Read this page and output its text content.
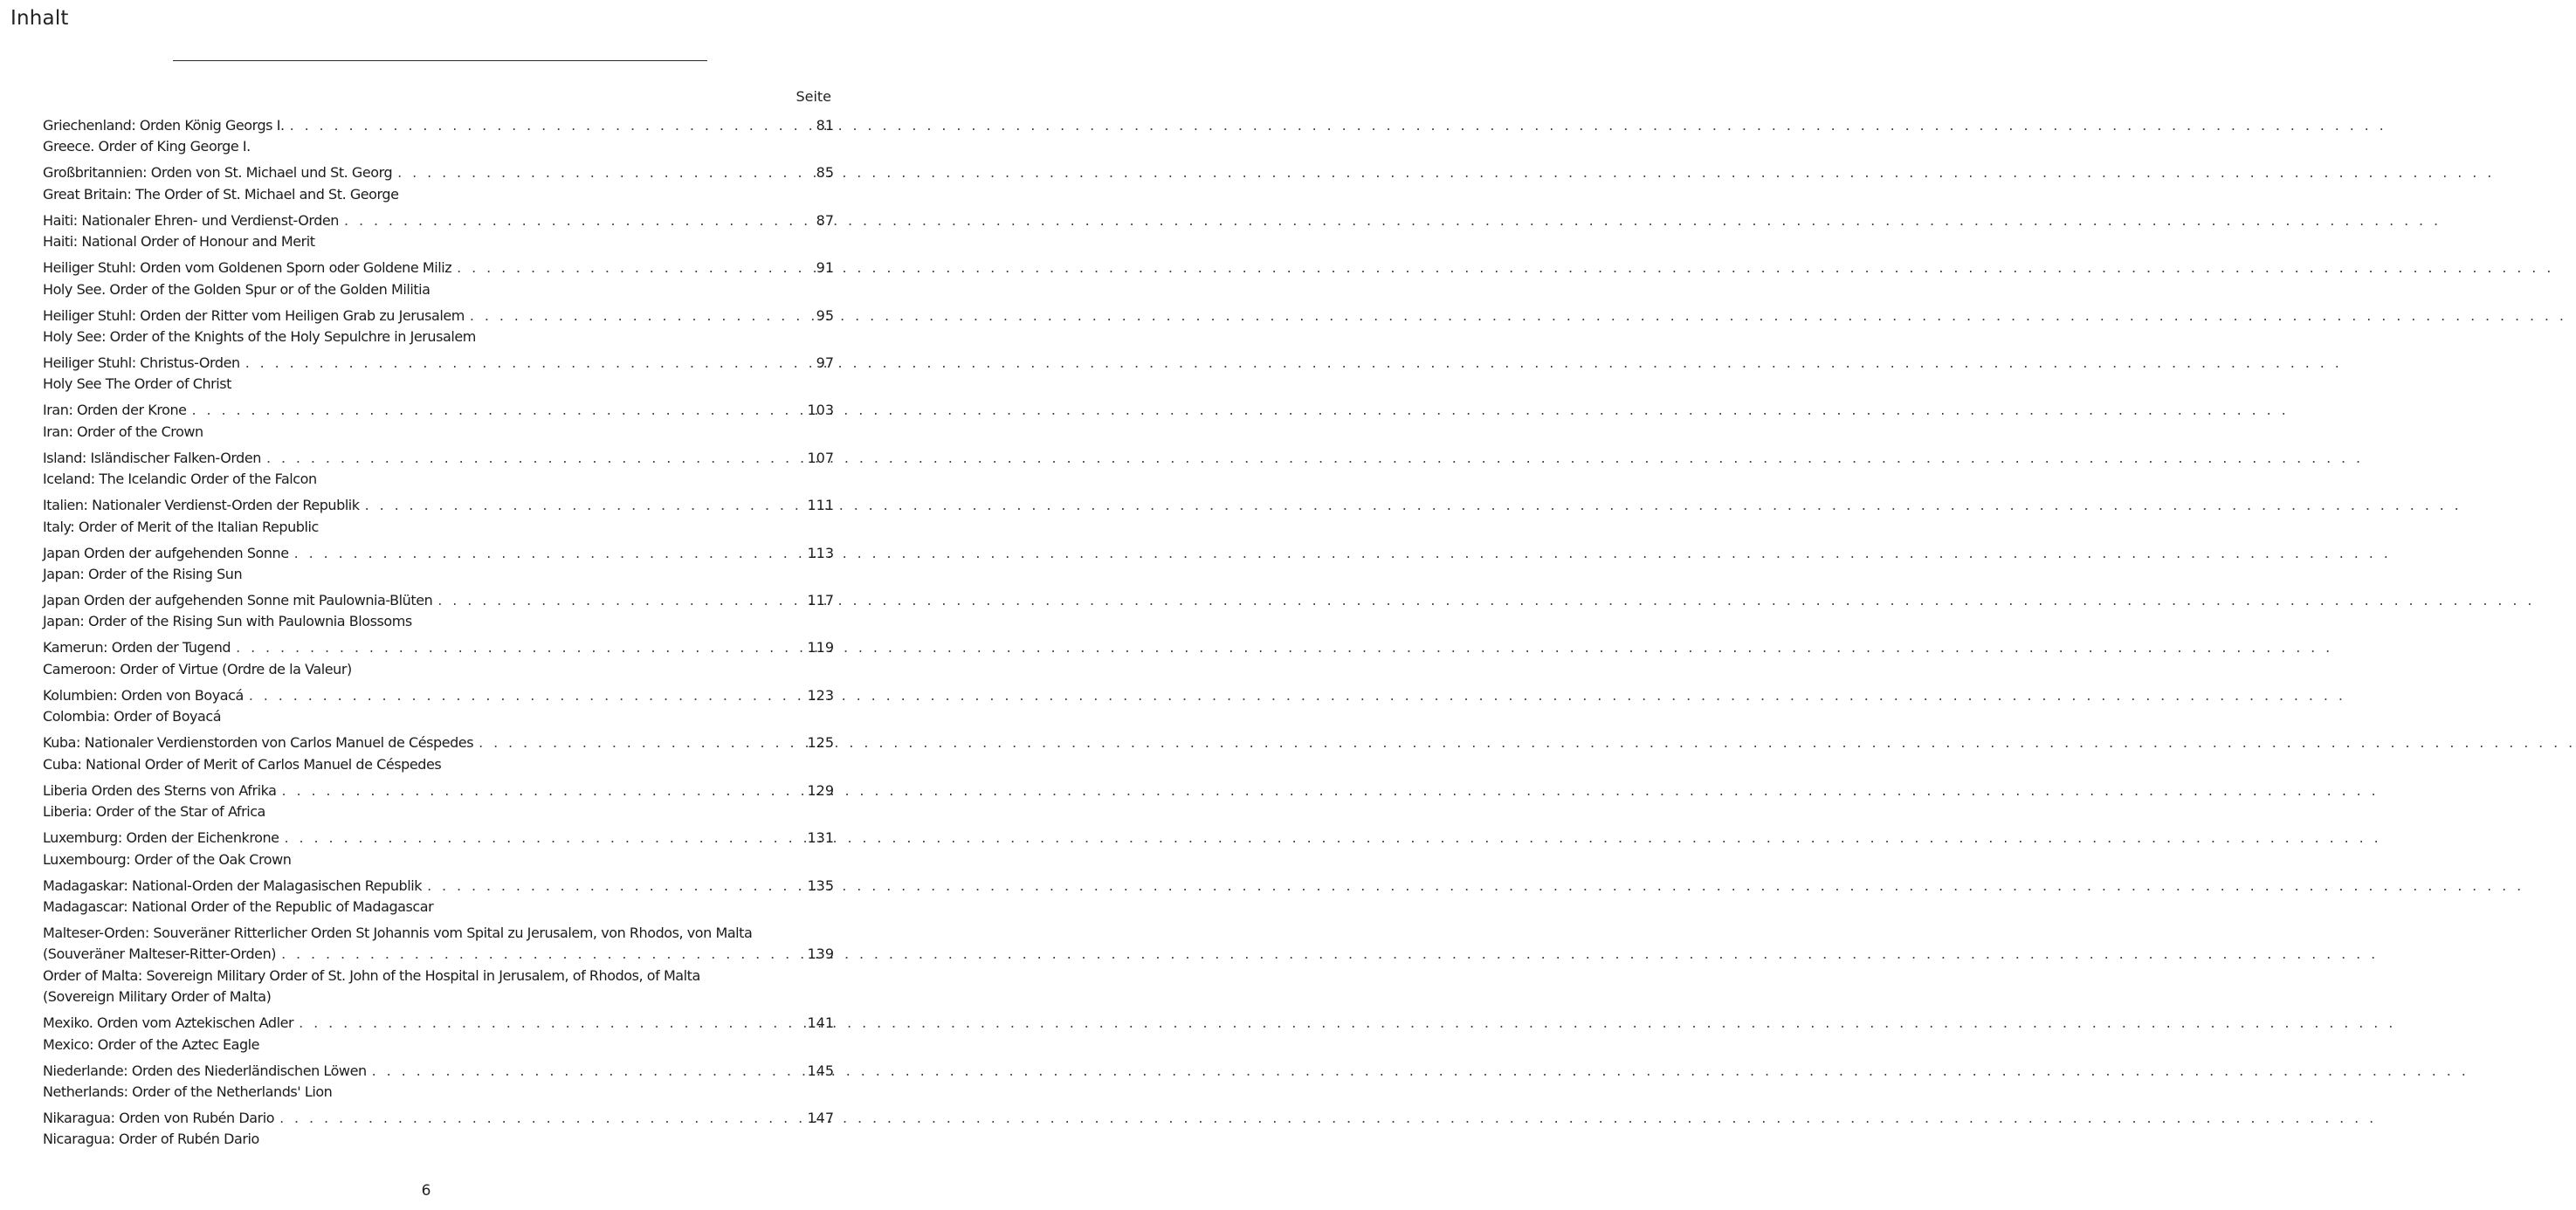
Inhalt
Seite
Griechenland: Orden König Georgs I. . . .	81
Greece. Order of King George I.
Großbritannien: Orden von St. Michael und St. Georg . . .	85
Great Britain: The Order of St. Michael and St. George
Haiti: Nationaler Ehren- und Verdienst-Orden . . .	87
Haiti: National Order of Honour and Merit
Heiliger Stuhl: Orden vom Goldenen Sporn oder Goldene Miliz . . .	91
Holy See. Order of the Golden Spur or of the Golden Militia
Heiliger Stuhl: Orden der Ritter vom Heiligen Grab zu Jerusalem . . .	95
Holy See: Order of the Knights of the Holy Sepulchre in Jerusalem
Heiliger Stuhl: Christus-Orden . . .	97
Holy See The Order of Christ
Iran: Orden der Krone . . .	103
Iran: Order of the Crown
Island: Isländischer Falken-Orden . . .	107
Iceland: The Icelandic Order of the Falcon
Italien: Nationaler Verdienst-Orden der Republik . . .	111
Italy: Order of Merit of the Italian Republic
Japan Orden der aufgehenden Sonne . . .	113
Japan: Order of the Rising Sun
Japan Orden der aufgehenden Sonne mit Paulownia-Blüten . . .	117
Japan: Order of the Rising Sun with Paulownia Blossoms
Kamerun: Orden der Tugend . . .	119
Cameroon: Order of Virtue (Ordre de la Valeur)
Kolumbien: Orden von Boyacá . . .	123
Colombia: Order of Boyacá
Kuba: Nationaler Verdienstorden von Carlos Manuel de Céspedes . . .	125
Cuba: National Order of Merit of Carlos Manuel de Céspedes
Liberia Orden des Sterns von Afrika . . .	129
Liberia: Order of the Star of Africa
Luxemburg: Orden der Eichenkrone . . .	131
Luxembourg: Order of the Oak Crown
Madagaskar: National-Orden der Malagasischen Republik . . .	135
Madagascar: National Order of the Republic of Madagascar
Malteser-Orden: Souveräner Ritterlicher Orden St Johannis vom Spital zu Jerusalem, von Rhodos, von Malta
(Souveräner Malteser-Ritter-Orden) . . .	139
Order of Malta: Sovereign Military Order of St. John of the Hospital in Jerusalem, of Rhodos, of Malta
(Sovereign Military Order of Malta)
Mexiko. Orden vom Aztekischen Adler . . .	141
Mexico: Order of the Aztec Eagle
Niederlande: Orden des Niederländischen Löwen . . .	145
Netherlands: Order of the Netherlands' Lion
Nikaragua: Orden von Rubén Dario . . .	147
Nicaragua: Order of Rubén Dario
6
